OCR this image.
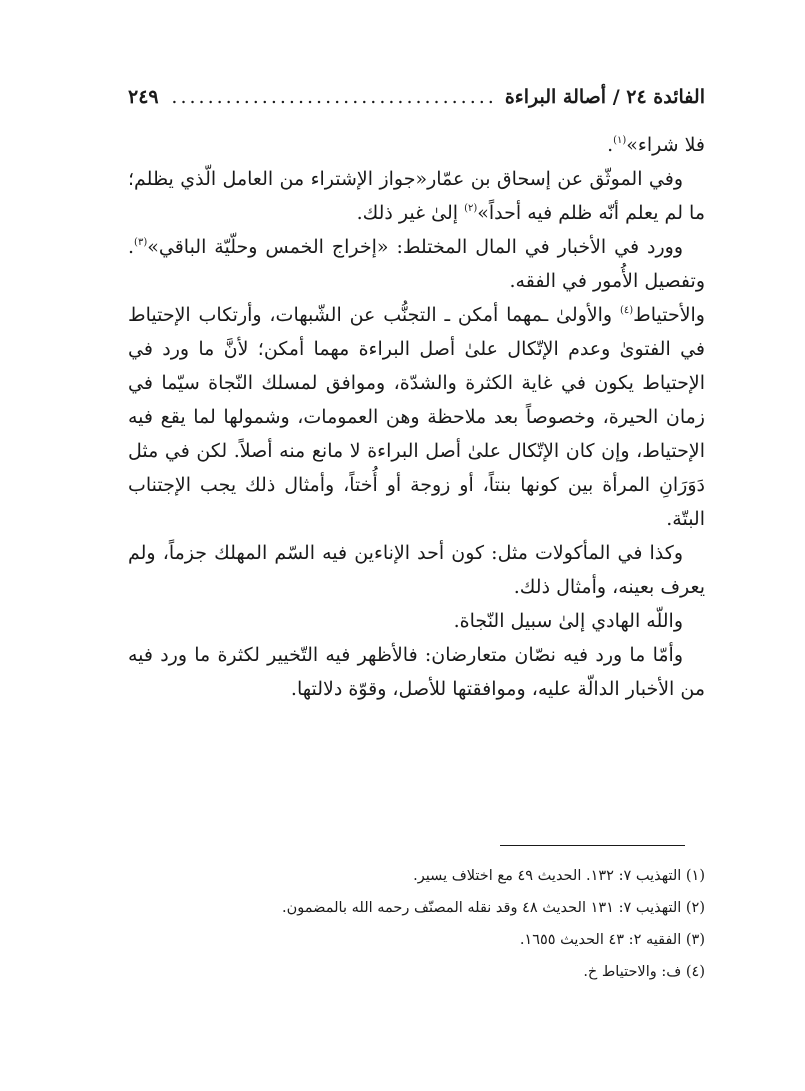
الفائدة ٢٤ / أصالة البراءة
.....
٢٤٩

فلا شراء»$^{(١)}$.

وفي الموثّق عن إسحاق بن عمّار«جواز الإشتراء من العامل الّذي يظلم؛ ما لم يعلم أنّه ظلم فيه أحداً»$^{(٢)}$ إلىٰ غير ذلك.

وورد في الأخبار في المال المختلط: «إخراج الخمس وحلّيّة الباقي»$^{(٣)}$. وتفصيل الأُمور في الفقه.

والأحتياط$^{(٤)}$ والأولىٰ ـمهما أمكن ـ التجنُّب عن الشّبهات، وأرتكاب الإحتياط في الفتوىٰ وعدم الإتّكال علىٰ أصل البراءة مهما أمكن؛ لأنَّ ما ورد في الإحتياط يكون في غاية الكثرة والشدّة، وموافق لمسلك النّجاة سيّما في زمان الحيرة، وخصوصاً بعد ملاحظة وهن العمومات، وشمولها لما يقع فيه الإحتياط، وإن كان الإتّكال علىٰ أصل البراءة لا مانع منه أصلاً. لكن في مثل دَوَرَانِ المرأة بين كونها بنتاً، أو زوجة أو أُختاً، وأمثال ذلك يجب الإجتناب البتّة.

وكذا في المأكولات مثل: كون أحد الإناءين فيه السّم المهلك جزماً، ولم يعرف بعينه، وأمثال ذلك.

واللّه الهادي إلىٰ سبيل النّجاة.

وأمّا ما ورد فيه نصّان متعارضان: فالأظهر فيه التّخيير لكثرة ما ورد فيه من الأخبار الدالّة عليه، وموافقتها للأصل، وقوّة دلالتها.

(١) التهذيب ٧: ١٣٢. الحديث ٤٩ مع اختلاف يسير.
(٢) التهذيب ٧: ١٣١ الحديث ٤٨ وقد نقله المصنّف رحمه الله بالمضمون.
(٣) الفقيه ٢: ٤٣ الحديث ١٦٥٥.
(٤) ف: والاحتياط خ.
